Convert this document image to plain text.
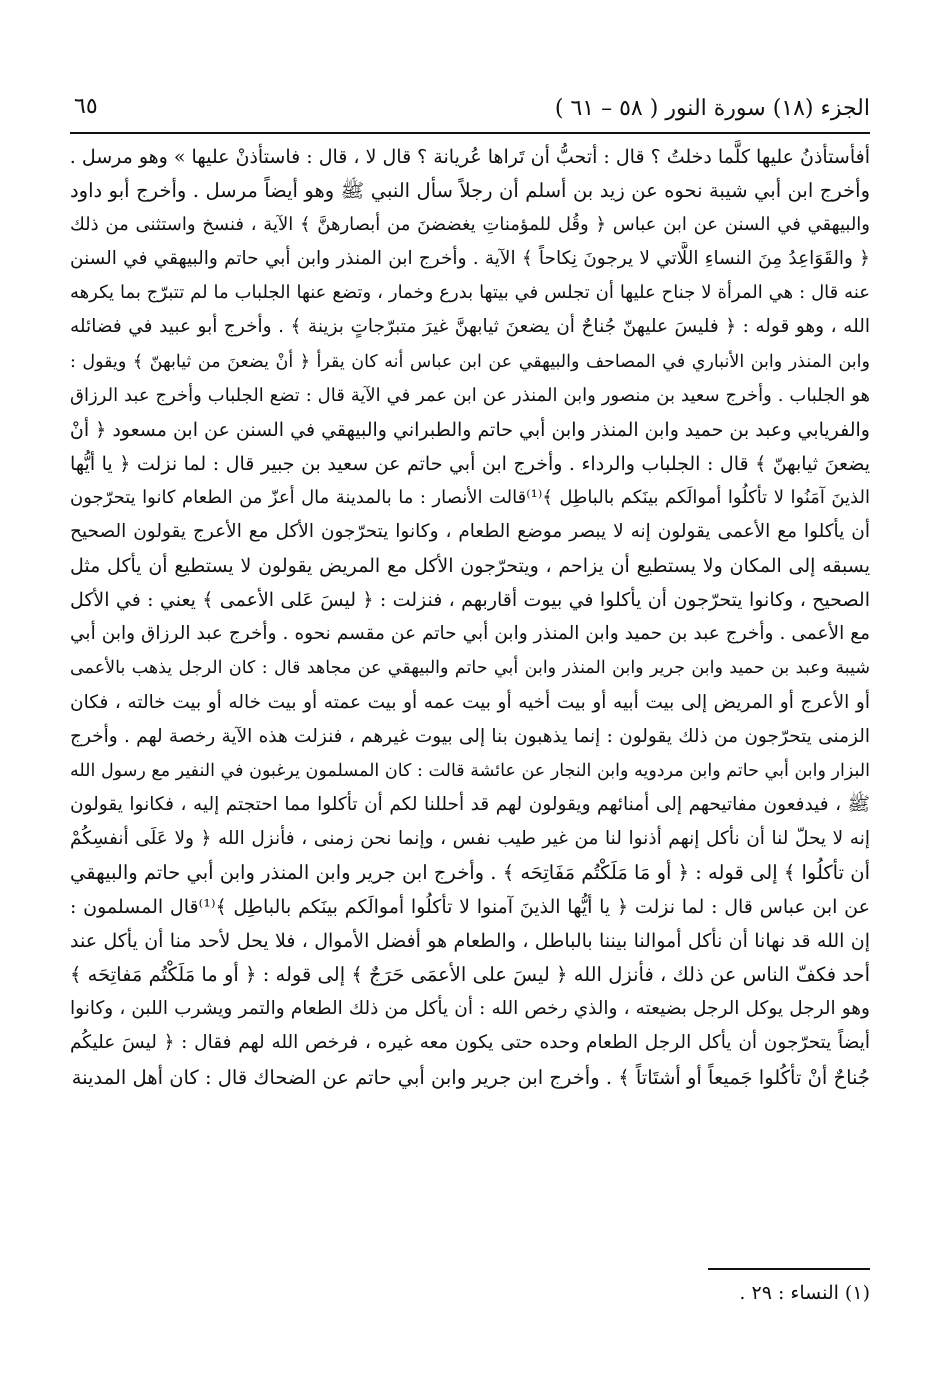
الجزء (١٨) سورة النور ( ٥٨ – ٦١ )
٦٥
أفأستأذنُ عليها كلَّما دخلتُ ؟ قال : أتحبُّ أن تَراها عُريانة ؟ قال لا ، قال : فاستأذنْ عليها » وهو مرسل .
وأخرج ابن أبي شيبة نحوه عن زيد بن أسلم أن رجلاً سأل النبي ﷺ وهو أيضاً مرسل . وأخرج أبو داود
والبيهقي في السنن عن ابن عباس ﴿ وقُل للمؤمناتِ يغضضنَ من أبصارهنَّ ﴾ الآية ، فنسخ واستثنى من ذلك
﴿ والقَوَاعِدُ مِنَ النساءِ اللَّاتي لا يرجونَ نِكاحاً ﴾ الآية . وأخرج ابن المنذر وابن أبي حاتم والبيهقي في السنن
عنه قال : هي المرأة لا جناح عليها أن تجلس في بيتها بدرع وخمار ، وتضع عنها الجلباب ما لم تتبرّج بما يكرهه
الله ، وهو قوله : ﴿ فليسَ عليهنّ جُناحٌ أن يضعنَ ثيابهنَّ غيرَ متبرّجاتٍ بزينة ﴾ . وأخرج أبو عبيد في فضائله
وابن المنذر وابن الأنباري في المصاحف والبيهقي عن ابن عباس أنه كان يقرأ ﴿ أنْ يضعنَ من ثيابهنّ ﴾ ويقول :
هو الجلباب . وأخرج سعيد بن منصور وابن المنذر عن ابن عمر في الآية قال : تضع الجلباب وأخرج عبد الرزاق
والفريابي وعبد بن حميد وابن المنذر وابن أبي حاتم والطبراني والبيهقي في السنن عن ابن مسعود ﴿ أنْ
يضعنَ ثيابهنّ ﴾ قال : الجلباب والرداء . وأخرج ابن أبي حاتم عن سعيد بن جبير قال : لما نزلت ﴿ يا أيُّها
الذينَ آمَنُوا لا تأكلُوا أموالَكم بينَكم بالباطِل ﴾⁽¹⁾قالت الأنصار : ما بالمدينة مال أعزّ من الطعام كانوا يتحرّجون
أن يأكلوا مع الأعمى يقولون إنه لا يبصر موضع الطعام ، وكانوا يتحرّجون الأكل مع الأعرج يقولون الصحيح
يسبقه إلى المكان ولا يستطيع أن يزاحم ، ويتحرّجون الأكل مع المريض يقولون لا يستطيع أن يأكل مثل
الصحيح ، وكانوا يتحرّجون أن يأكلوا في بيوت أقاربهم ، فنزلت : ﴿ ليسَ عَلى الأعمى ﴾ يعني : في الأكل
مع الأعمى . وأخرج عبد بن حميد وابن المنذر وابن أبي حاتم عن مقسم نحوه . وأخرج عبد الرزاق وابن أبي
شيبة وعبد بن حميد وابن جرير وابن المنذر وابن أبي حاتم والبيهقي عن مجاهد قال : كان الرجل يذهب بالأعمى
أو الأعرج أو المريض إلى بيت أبيه أو بيت أخيه أو بيت عمه أو بيت عمته أو بيت خاله أو بيت خالته ، فكان
الزمنى يتحرّجون من ذلك يقولون : إنما يذهبون بنا إلى بيوت غيرهم ، فنزلت هذه الآية رخصة لهم . وأخرج
البزار وابن أبي حاتم وابن مردويه وابن النجار عن عائشة قالت : كان المسلمون يرغبون في النفير مع رسول الله
ﷺ ، فيدفعون مفاتيحهم إلى أمنائهم ويقولون لهم قد أحللنا لكم أن تأكلوا مما احتجتم إليه ، فكانوا يقولون
إنه لا يحلّ لنا أن نأكل إنهم أذنوا لنا من غير طيب نفس ، وإنما نحن زمنى ، فأنزل الله ﴿ ولا عَلَى أنفسِكُمْ
أن تأكلُوا ﴾ إلى قوله : ﴿ أو مَا مَلَكْتُم مَفَاتِحَه ﴾ . وأخرج ابن جرير وابن المنذر وابن أبي حاتم والبيهقي
عن ابن عباس قال : لما نزلت ﴿ يا أيُّها الذينَ آمنوا لا تأكلُوا أموالَكم بينَكم بالباطِل ﴾⁽¹⁾قال المسلمون :
إن الله قد نهانا أن نأكل أموالنا بيننا بالباطل ، والطعام هو أفضل الأموال ، فلا يحل لأحد منا أن يأكل عند
أحد فكفّ الناس عن ذلك ، فأنزل الله ﴿ ليسَ على الأعمَى حَرَجٌ ﴾ إلى قوله : ﴿ أو ما مَلَكْتُم مَفاتِحَه ﴾
وهو الرجل يوكل الرجل بضيعته ، والذي رخص الله : أن يأكل من ذلك الطعام والتمر ويشرب اللبن ، وكانوا
أيضاً يتحرّجون أن يأكل الرجل الطعام وحده حتى يكون معه غيره ، فرخص الله لهم فقال : ﴿ ليسَ عليكُم
جُناحٌ أنْ تأكُلوا جَميعاً أو أشتَاتاً ﴾ . وأخرج ابن جرير وابن أبي حاتم عن الضحاك قال : كان أهل المدينة
(١) النساء : ٢٩ .
